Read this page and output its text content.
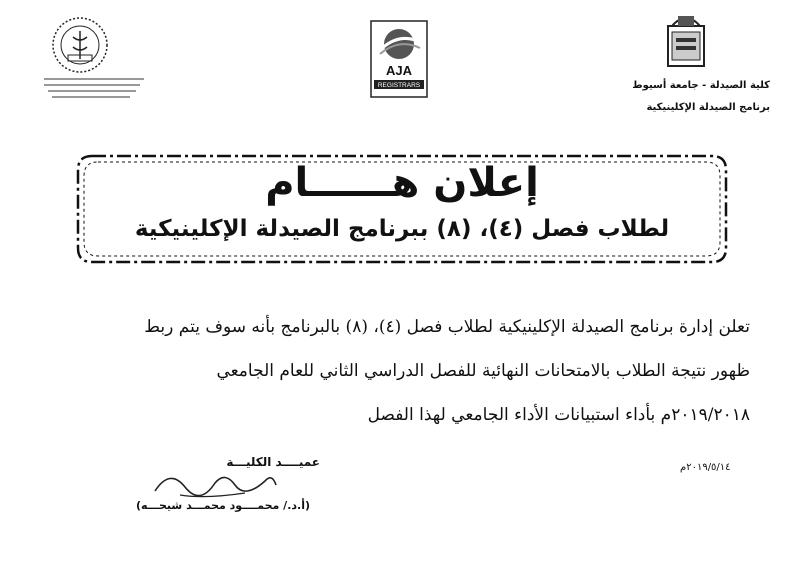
AJA
REGISTRARS	كلية الصيدلة - جامعة أسيوط
برنامج الصيدلة الإكلينيكية
إعلان هــــــام
لطلاب فصل (٤)، (٨) ببرنامج الصيدلة الإكلينيكية

تعلن إدارة برنامج الصيدلة الإكلينيكية لطلاب فصل (٤)، (٨) بالبرنامج بأنه سوف يتم ربط

ظهور نتيجة الطلاب بالامتحانات النهائية للفصل الدراسي الثاني للعام الجامعي

٢٠١٩/٢٠١٨م بأداء استبيانات الأداء الجامعي لهذا الفصل

عميــــد الكليـــة
(أ.د./ محمــــود محمـــد شيحـــه)
٢٠١٩/٥/١٤م
